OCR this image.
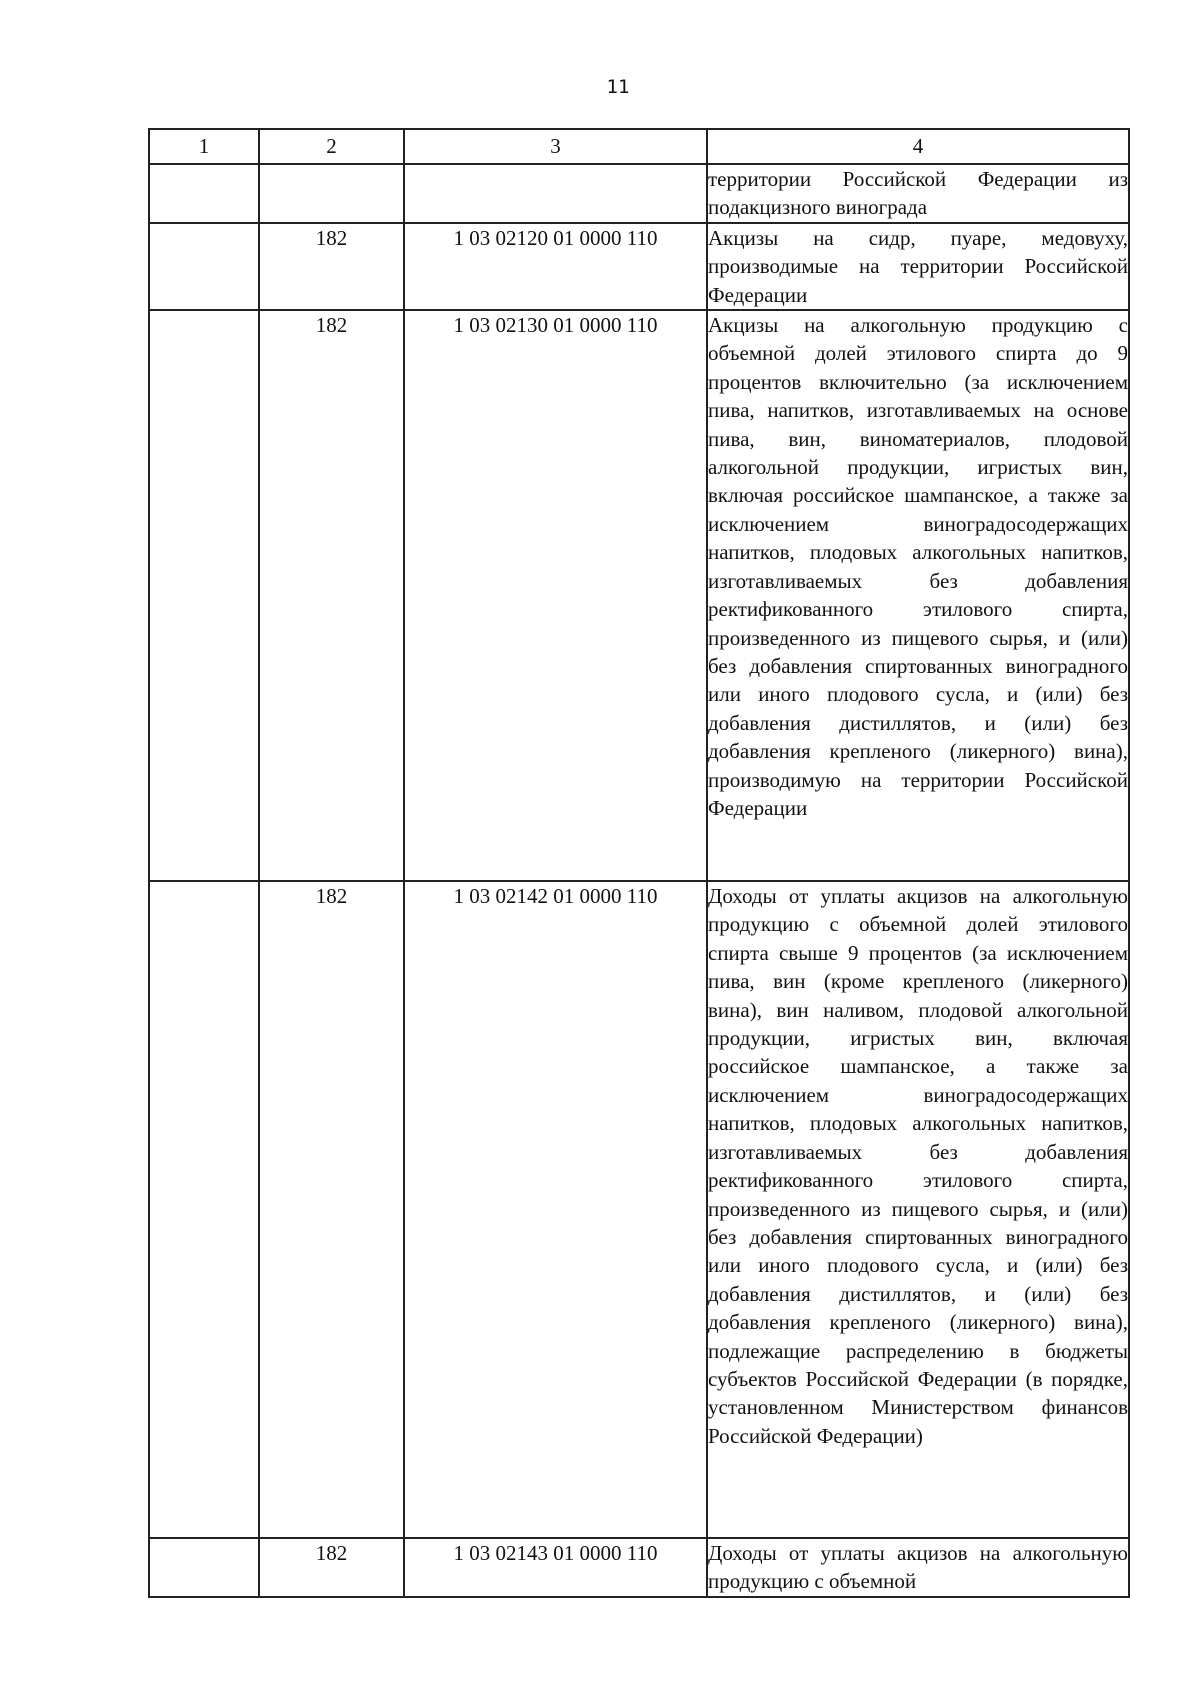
11
1	2	3	4
			территории Российской Федерации из подакцизного винограда
	182	1 03 02120 01 0000 110	Акцизы на сидр, пуаре, медовуху, производимые на территории Российской Федерации
	182	1 03 02130 01 0000 110	Акцизы на алкогольную продукцию с объемной долей этилового спирта до 9 процентов включительно (за исключением пива, напитков, изготавливаемых на основе пива, вин, виноматериалов, плодовой алкогольной продукции, игристых вин, включая российское шампанское, а также за исключением виноградосодержащих напитков, плодовых алкогольных напитков, изготавливаемых без добавления ректификованного этилового спирта, произведенного из пищевого сырья, и (или) без добавления спиртованных виноградного или иного плодового сусла, и (или) без добавления дистиллятов, и (или) без добавления крепленого (ликерного) вина), производимую на территории Российской Федерации
	182	1 03 02142 01 0000 110	Доходы от уплаты акцизов на алкогольную продукцию с объемной долей этилового спирта свыше 9 процентов (за исключением пива, вин (кроме крепленого (ликерного) вина), вин наливом, плодовой алкогольной продукции, игристых вин, включая российское шампанское, а также за исключением виноградосодержащих напитков, плодовых алкогольных напитков, изготавливаемых без добавления ректификованного этилового спирта, произведенного из пищевого сырья, и (или) без добавления спиртованных виноградного или иного плодового сусла, и (или) без добавления дистиллятов, и (или) без добавления крепленого (ликерного) вина), подлежащие распределению в бюджеты субъектов Российской Федерации (в порядке, установленном Министерством финансов Российской Федерации)
	182	1 03 02143 01 0000 110	Доходы от уплаты акцизов на алкогольную продукцию с объемной
